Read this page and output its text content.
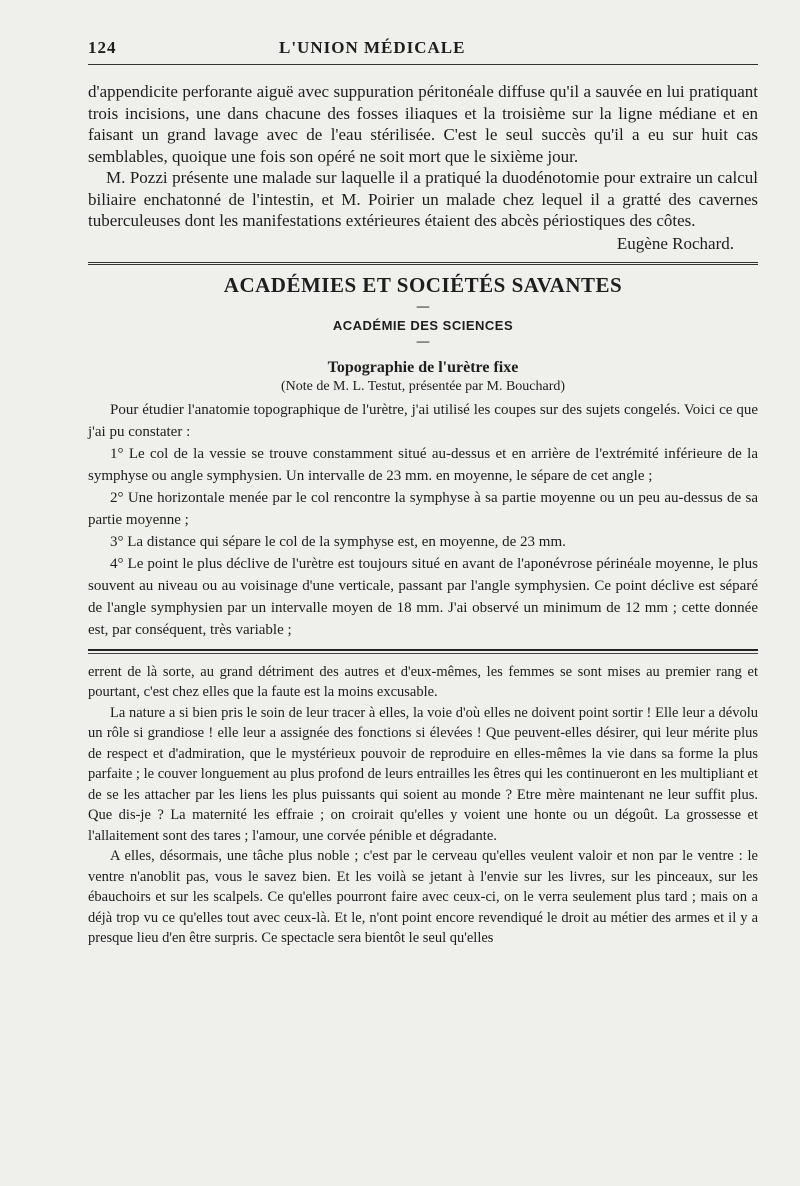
124	L'UNION MÉDICALE

d'appendicite perforante aiguë avec suppuration péritonéale diffuse qu'il a sauvée en lui pratiquant trois incisions, une dans chacune des fosses iliaques et la troisième sur la ligne médiane et en faisant un grand lavage avec de l'eau stérilisée. C'est le seul succès qu'il a eu sur huit cas semblables, quoique une fois son opéré ne soit mort que le sixième jour.

M. Pozzi présente une malade sur laquelle il a pratiqué la duodénotomie pour extraire un calcul biliaire enchatonné de l'intestin, et M. Poirier un malade chez lequel il a gratté des cavernes tuberculeuses dont les manifestations extérieures étaient des abcès périostiques des côtes.

Eugène Rochard.
ACADÉMIES ET SOCIÉTÉS SAVANTES
—
ACADÉMIE DES SCIENCES
—
Topographie de l'urètre fixe
(Note de M. L. Testut, présentée par M. Bouchard)

Pour étudier l'anatomie topographique de l'urètre, j'ai utilisé les coupes sur des sujets congelés. Voici ce que j'ai pu constater :

1° Le col de la vessie se trouve constamment situé au-dessus et en arrière de l'extrémité inférieure de la symphyse ou angle symphysien. Un intervalle de 23 mm. en moyenne, le sépare de cet angle ;

2° Une horizontale menée par le col rencontre la symphyse à sa partie moyenne ou un peu au-dessus de sa partie moyenne ;

3° La distance qui sépare le col de la symphyse est, en moyenne, de 23 mm.

4° Le point le plus déclive de l'urètre est toujours situé en avant de l'aponévrose périnéale moyenne, le plus souvent au niveau ou au voisinage d'une verticale, passant par l'angle symphysien. Ce point déclive est séparé de l'angle symphysien par un intervalle moyen de 18 mm. J'ai observé un minimum de 12 mm ; cette donnée est, par conséquent, très variable ;

errent de là sorte, au grand détriment des autres et d'eux-mêmes, les femmes se sont mises au premier rang et pourtant, c'est chez elles que la faute est la moins excusable.

La nature a si bien pris le soin de leur tracer à elles, la voie d'où elles ne doivent point sortir ! Elle leur a dévolu un rôle si grandiose ! elle leur a assignée des fonctions si élevées ! Que peuvent-elles désirer, qui leur mérite plus de respect et d'admiration, que le mystérieux pouvoir de reproduire en elles-mêmes la vie dans sa forme la plus parfaite ; le couver longuement au plus profond de leurs entrailles les êtres qui les continueront en les multipliant et de se les attacher par les liens les plus puissants qui soient au monde ? Etre mère maintenant ne leur suffit plus. Que dis-je ? La maternité les effraie ; on croirait qu'elles y voient une honte ou un dégoût. La grossesse et l'allaitement sont des tares ; l'amour, une corvée pénible et dégradante.

A elles, désormais, une tâche plus noble ; c'est par le cerveau qu'elles veulent valoir et non par le ventre : le ventre n'anoblit pas, vous le savez bien. Et les voilà se jetant à l'envie sur les livres, sur les pinceaux, sur les ébauchoirs et sur les scalpels. Ce qu'elles pourront faire avec ceux-ci, on le verra seulement plus tard ; mais on a déjà trop vu ce qu'elles tout avec ceux-là. Et le, n'ont point encore revendiqué le droit au métier des armes et il y a presque lieu d'en être surpris. Ce spectacle sera bientôt le seul qu'elles
